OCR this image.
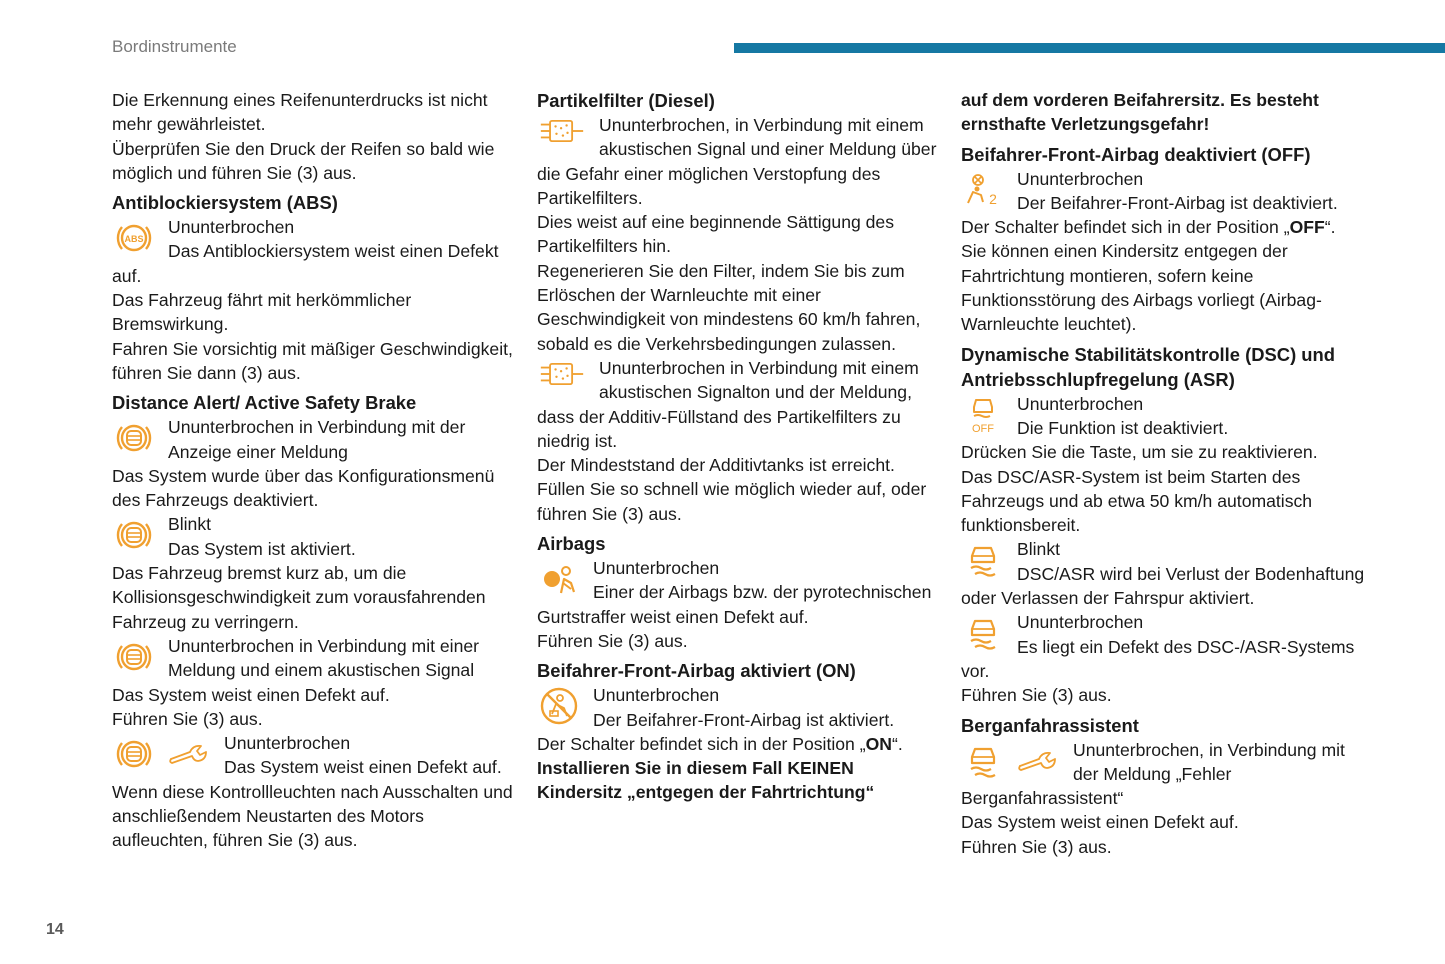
Bordinstrumente

Die Erkennung eines Reifenunterdrucks ist nicht mehr gewährleistet.

Überprüfen Sie den Druck der Reifen so bald wie möglich und führen Sie (3) aus.

Antiblockiersystem (ABS)
Ununterbrochen
Das Antiblockiersystem weist einen Defekt auf.

Das Fahrzeug fährt mit herkömmlicher Bremswirkung.

Fahren Sie vorsichtig mit mäßiger Geschwindigkeit, führen Sie dann (3) aus.

Distance Alert/ Active Safety Brake
Ununterbrochen in Verbindung mit der Anzeige einer Meldung

Das System wurde über das Konfigurationsmenü des Fahrzeugs deaktiviert.

Blinkt
Das System ist aktiviert.

Das Fahrzeug bremst kurz ab, um die Kollisionsgeschwindigkeit zum vorausfahrenden Fahrzeug zu verringern.

Ununterbrochen in Verbindung mit einer Meldung und einem akustischen Signal

Das System weist einen Defekt auf.

Führen Sie (3) aus.

Ununterbrochen
Das System weist einen Defekt auf.

Wenn diese Kontrollleuchten nach Ausschalten und anschließendem Neustarten des Motors aufleuchten, führen Sie (3) aus.

Partikelfilter (Diesel)
Ununterbrochen, in Verbindung mit einem akustischen Signal und einer Meldung über die Gefahr einer möglichen Verstopfung des Partikelfilters.

Dies weist auf eine beginnende Sättigung des Partikelfilters hin.

Regenerieren Sie den Filter, indem Sie bis zum Erlöschen der Warnleuchte mit einer Geschwindigkeit von mindestens 60 km/h fahren, sobald es die Verkehrsbedingungen zulassen.

Ununterbrochen in Verbindung mit einem akustischen Signalton und der Meldung, dass der Additiv-Füllstand des Partikelfilters zu niedrig ist.

Der Mindeststand der Additivtanks ist erreicht.

Füllen Sie so schnell wie möglich wieder auf, oder führen Sie (3) aus.

Airbags
Ununterbrochen
Einer der Airbags bzw. der pyrotechnischen Gurtstraffer weist einen Defekt auf.

Führen Sie (3) aus.

Beifahrer-Front-Airbag aktiviert (ON)
Ununterbrochen
Der Beifahrer-Front-Airbag ist aktiviert.

Der Schalter befindet sich in der Position „ON“.

Installieren Sie in diesem Fall KEINEN Kindersitz „entgegen der Fahrtrichtung“

auf dem vorderen Beifahrersitz. Es besteht ernsthafte Verletzungsgefahr!

Beifahrer-Front-Airbag deaktiviert (OFF)
Ununterbrochen
Der Beifahrer-Front-Airbag ist deaktiviert.

Der Schalter befindet sich in der Position „OFF“.

Sie können einen Kindersitz entgegen der Fahrtrichtung montieren, sofern keine Funktionsstörung des Airbags vorliegt (Airbag-Warnleuchte leuchtet).

Dynamische Stabilitätskontrolle (DSC) und Antriebsschlupfregelung (ASR)
Ununterbrochen
Die Funktion ist deaktiviert.

Drücken Sie die Taste, um sie zu reaktivieren.

Das DSC/ASR-System ist beim Starten des Fahrzeugs und ab etwa 50 km/h automatisch funktionsbereit.

Blinkt
DSC/ASR wird bei Verlust der Bodenhaftung oder Verlassen der Fahrspur aktiviert.
Ununterbrochen
Es liegt ein Defekt des DSC-/ASR-Systems vor.

Führen Sie (3) aus.

Berganfahrassistent
Ununterbrochen, in Verbindung mit der Meldung „Fehler Berganfahrassistent“

Das System weist einen Defekt auf.

Führen Sie (3) aus.

14
